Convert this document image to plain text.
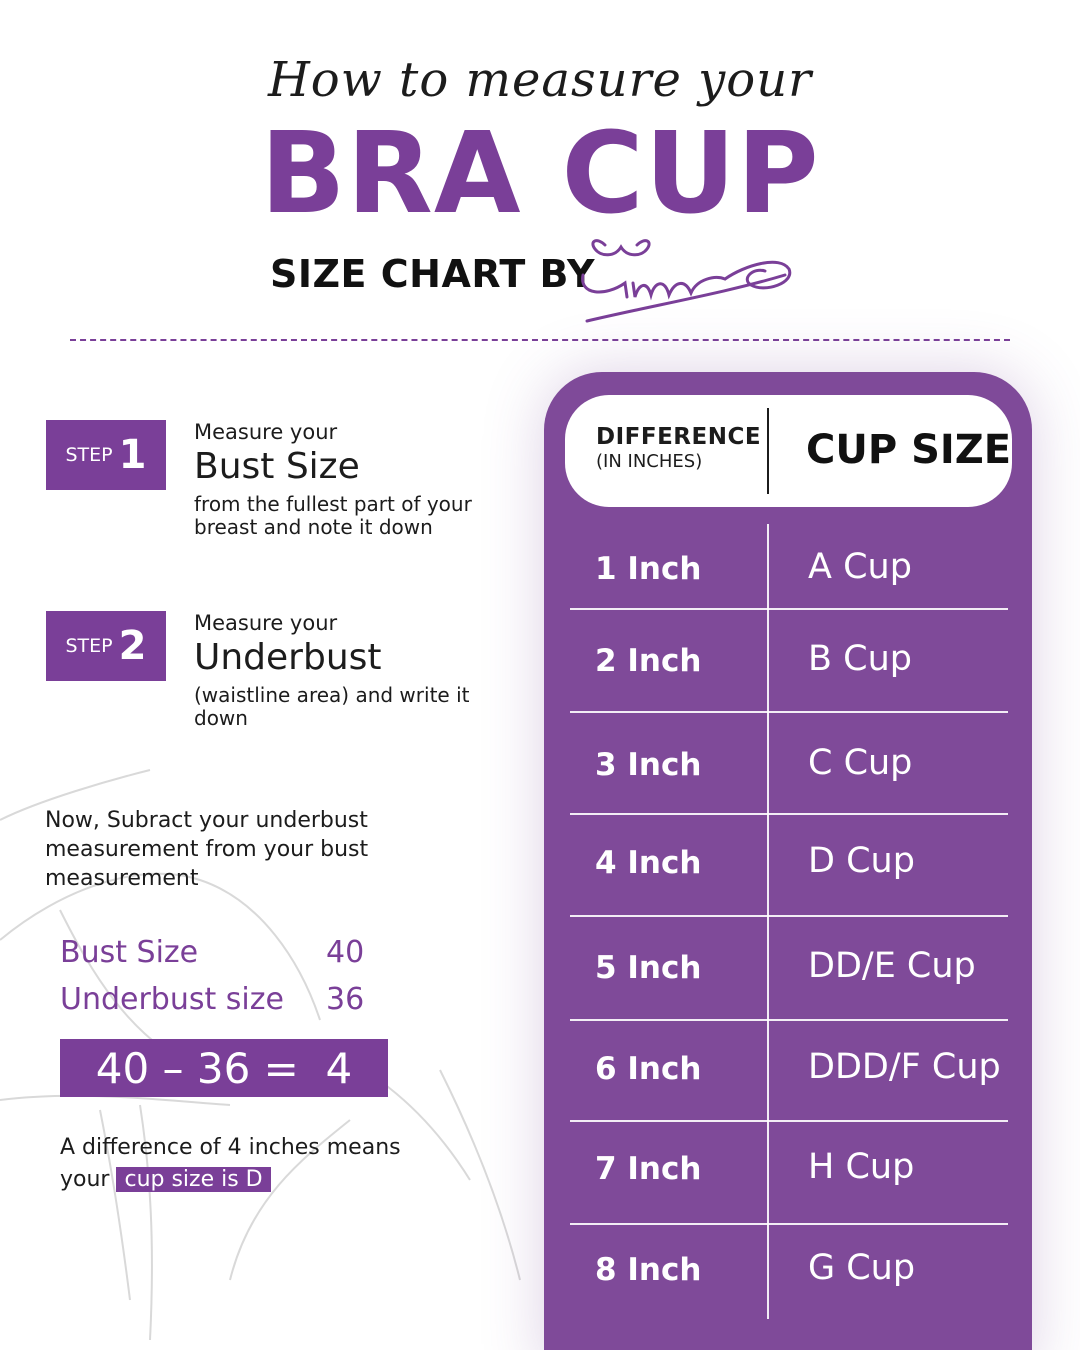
How to measure your
BRA CUP
SIZE CHART BY
STEP 1 Measure your
Bust Size
from the fullest part of your breast and note it down
STEP 2 Measure your
Underbust
(waistline area) and write it down
Now, Subract your underbust measurement from your bust measurement
Bust Size	40
Underbust size 36
40 – 36 =  4
A difference of 4 inches means your cup size is D
DIFFERENCE
(IN INCHES)	CUP SIZE
1 Inch	A Cup
2 Inch	B Cup
3 Inch	C Cup
4 Inch	D Cup
5 Inch	DD/E Cup
6 Inch	DDD/F Cup
7 Inch	H Cup
8 Inch	G Cup
